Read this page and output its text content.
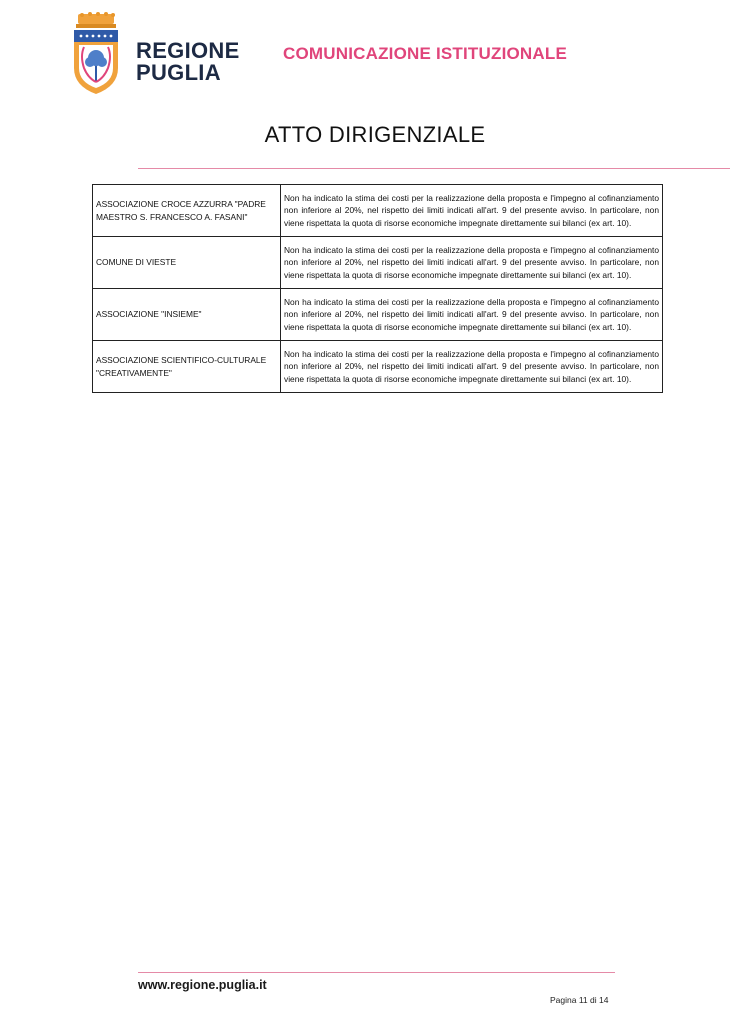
REGIONE
PUGLIA
COMUNICAZIONE ISTITUZIONALE
ATTO DIRIGENZIALE
ASSOCIAZIONE CROCE AZZURRA "PADRE MAESTRO S. FRANCESCO A. FASANI"	Non ha indicato la stima dei costi per la realizzazione della proposta e l'impegno al cofinanziamento non inferiore al 20%, nel rispetto dei limiti indicati all'art. 9 del presente avviso. In particolare, non viene rispettata la quota di risorse economiche impegnate direttamente sui bilanci (ex art. 10).
COMUNE DI VIESTE	Non ha indicato la stima dei costi per la realizzazione della proposta e l'impegno al cofinanziamento non inferiore al 20%, nel rispetto dei limiti indicati all'art. 9 del presente avviso. In particolare, non viene rispettata la quota di risorse economiche impegnate direttamente sui bilanci (ex art. 10).
ASSOCIAZIONE "INSIEME"	Non ha indicato la stima dei costi per la realizzazione della proposta e l'impegno al cofinanziamento non inferiore al 20%, nel rispetto dei limiti indicati all'art. 9 del presente avviso. In particolare, non viene rispettata la quota di risorse economiche impegnate direttamente sui bilanci (ex art. 10).
ASSOCIAZIONE SCIENTIFICO-CULTURALE "CREATIVAMENTE"	Non ha indicato la stima dei costi per la realizzazione della proposta e l'impegno al cofinanziamento non inferiore al 20%, nel rispetto dei limiti indicati all'art. 9 del presente avviso. In particolare, non viene rispettata la quota di risorse economiche impegnate direttamente sui bilanci (ex art. 10).
www.regione.puglia.it
Pagina 11 di 14
